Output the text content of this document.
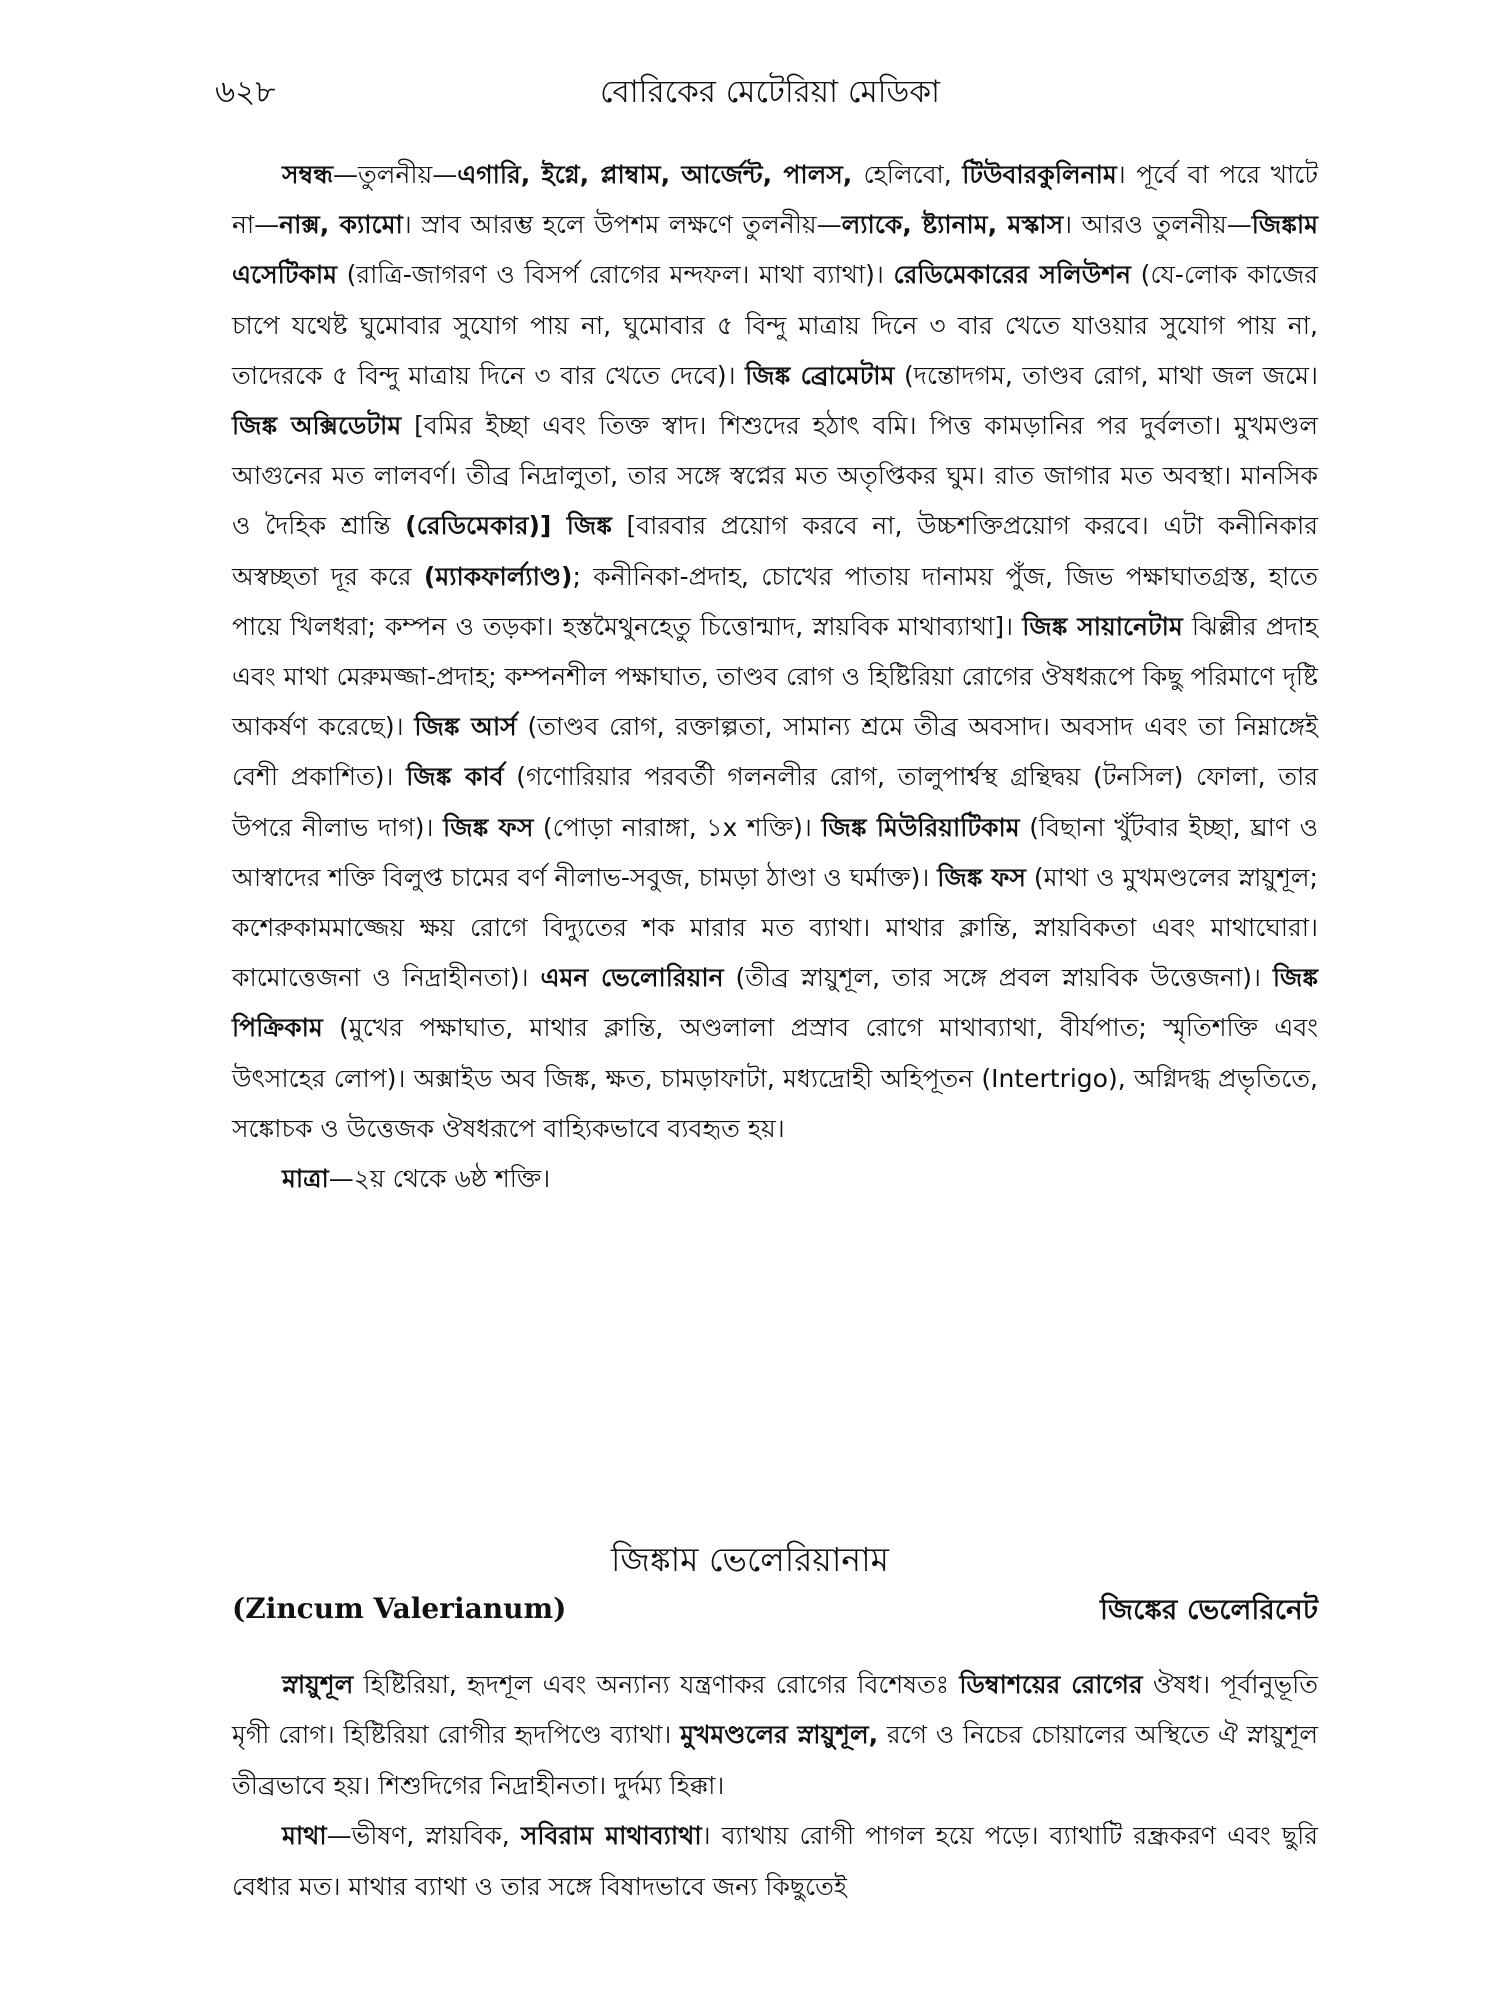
৬২৮	বোরিকের মেটেরিয়া মেডিকা

সম্বন্ধ—তুলনীয়—এগারি, ইগ্নে, প্লাম্বাম, আর্জেন্ট, পালস, হেলিবো, টিউবারকুলিনাম। পূর্বে বা পরে খাটে না—নাক্স, ক্যামো। স্রাব আরম্ভ হলে উপশম লক্ষণে তুলনীয়—ল্যাকে, ষ্ট্যানাম, মস্কাস। আরও তুলনীয়—জিঙ্কাম এসেটিকাম (রাত্রি-জাগরণ ও বিসর্প রোগের মন্দফল। মাথা ব্যাথা)। রেডিমেকারের সলিউশন (যে-লোক কাজের চাপে যথেষ্ট ঘুমোবার সুযোগ পায় না, ঘুমোবার ৫ বিন্দু মাত্রায় দিনে ৩ বার খেতে যাওয়ার সুযোগ পায় না, তাদেরকে ৫ বিন্দু মাত্রায় দিনে ৩ বার খেতে দেবে)। জিঙ্ক ব্রোমেটাম (দন্তোদগম, তাণ্ডব রোগ, মাথা জল জমে। জিঙ্ক অক্সিডেটাম [বমির ইচ্ছা এবং তিক্ত স্বাদ। শিশুদের হঠাৎ বমি। পিত্ত কামড়ানির পর দুর্বলতা। মুখমণ্ডল আগুনের মত লালবর্ণ। তীব্র নিদ্রালুতা, তার সঙ্গে স্বপ্নের মত অতৃপ্তিকর ঘুম। রাত জাগার মত অবস্থা। মানসিক ও দৈহিক শ্রান্তি (রেডিমেকার)] জিঙ্ক [বারবার প্রয়োগ করবে না, উচ্চশক্তিপ্রয়োগ করবে। এটা কনীনিকার অস্বচ্ছতা দূর করে (ম্যাকফার্ল্যাণ্ড); কনীনিকা-প্রদাহ, চোখের পাতায় দানাময় পুঁজ, জিভ পক্ষাঘাতগ্রস্ত, হাতে পায়ে খিলধরা; কম্পন ও তড়কা। হস্তমৈথুনহেতু চিত্তোন্মাদ, স্নায়বিক মাথাব্যাথা]। জিঙ্ক সায়ানেটাম ঝিল্লীর প্রদাহ এবং মাথা মেরুমজ্জা-প্রদাহ; কম্পনশীল পক্ষাঘাত, তাণ্ডব রোগ ও হিষ্টিরিয়া রোগের ঔষধরূপে কিছু পরিমাণে দৃষ্টি আকর্ষণ করেছে)। জিঙ্ক আর্স (তাণ্ডব রোগ, রক্তাল্পতা, সামান্য শ্রমে তীব্র অবসাদ। অবসাদ এবং তা নিম্নাঙ্গেই বেশী প্রকাশিত)। জিঙ্ক কার্ব (গণোরিয়ার পরবর্তী গলনলীর রোগ, তালুপার্শ্বস্থ গ্রন্থিদ্বয় (টনসিল) ফোলা, তার উপরে নীলাভ দাগ)। জিঙ্ক ফস (পোড়া নারাঙ্গা, ১x শক্তি)। জিঙ্ক মিউরিয়াটিকাম (বিছানা খুঁটবার ইচ্ছা, ঘ্রাণ ও আস্বাদের শক্তি বিলুপ্ত চামের বর্ণ নীলাভ-সবুজ, চামড়া ঠাণ্ডা ও ঘর্মাক্ত)। জিঙ্ক ফস (মাথা ও মুখমণ্ডলের স্নায়ুশূল; কশেরুকামমাজ্জেয় ক্ষয় রোগে বিদ্যুতের শক মারার মত ব্যাথা। মাথার ক্লান্তি, স্নায়বিকতা এবং মাথাঘোরা। কামোত্তেজনা ও নিদ্রাহীনতা)। এমন ভেলোরিয়ান (তীব্র স্নায়ুশূল, তার সঙ্গে প্রবল স্নায়বিক উত্তেজনা)। জিঙ্ক পিক্রিকাম (মুখের পক্ষাঘাত, মাথার ক্লান্তি, অণ্ডলালা প্রস্রাব রোগে মাথাব্যাথা, বীর্যপাত; স্মৃতিশক্তি এবং উৎসাহের লোপ)। অক্সাইড অব জিঙ্ক, ক্ষত, চামড়াফাটা, মধ্যদ্রোহী অহিপূতন (Intertrigo), অগ্নিদগ্ধ প্রভৃতিতে, সঙ্কোচক ও উত্তেজক ঔষধরূপে বাহ্যিকভাবে ব্যবহৃত হয়।

মাত্রা—২য় থেকে ৬ষ্ঠ শক্তি।

জিঙ্কাম ভেলেরিয়ানাম
(Zincum Valerianum)	জিঙ্কের ভেলেরিনেট

স্নায়ুশূল হিষ্টিরিয়া, হৃদশূল এবং অন্যান্য যন্ত্রণাকর রোগের বিশেষতঃ ডিম্বাশয়ের রোগের ঔষধ। পূর্বানুভূতি মৃগী রোগ। হিষ্টিরিয়া রোগীর হৃদপিণ্ডে ব্যাথা। মুখমণ্ডলের স্নায়ুশূল, রগে ও নিচের চোয়ালের অস্থিতে ঐ স্নায়ুশূল তীব্রভাবে হয়। শিশুদিগের নিদ্রাহীনতা। দুর্দম্য হিক্কা।

মাথা—ভীষণ, স্নায়বিক, সবিরাম মাথাব্যাথা। ব্যাথায় রোগী পাগল হয়ে পড়ে। ব্যাথাটি রন্ধ্রকরণ এবং ছুরি বেধার মত। মাথার ব্যাথা ও তার সঙ্গে বিষাদভাবে জন্য কিছুতেই
